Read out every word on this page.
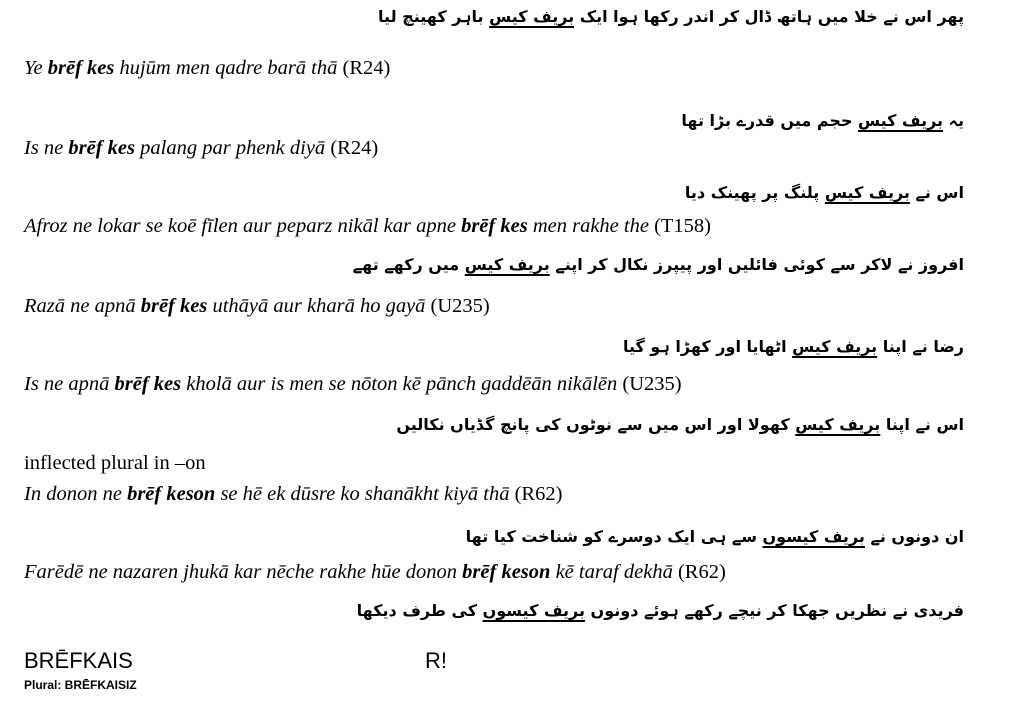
پھر اس نے خلا میں ہاتھ ڈال کر اندر رکھا ہوا ایک بریف کیس باہر کھینچ لیا
Ye brēf kes hujūm men qadre barā thā (R24)
یہ بریف کیس حجم میں قدرے بڑا تھا
Is ne brēf kes palang par phenk diyā (R24)
اس نے بریف کیس پلنگ پر پھینک دیا
Afroz ne lokar se koē fīlen aur peparz nikāl kar apne brēf kes men rakhe the (T158)
افروز نے لاکر سے کوئی فائلیں اور پیپرز نکال کر اپنے بریف کیس میں رکھے تھے
Razā ne apnā brēf kes uthāyā aur kharā ho gayā (U235)
رضا نے اپنا بریف کیس اٹھایا اور کھڑا ہو گیا
Is ne apnā brēf kes kholā aur is men se nōton kē pānch gaddēān nikālēn (U235)
اس نے اپنا بریف کیس کھولا اور اس میں سے نوٹوں کی پانچ گڈیاں نکالیں
inflected plural in –on
In donon ne brēf keson se hē ek dūsre ko shanākht kiyā thā (R62)
ان دونوں نے بریف کیسوں سے ہی ایک دوسرے کو شناخت کیا تھا
Farēdē ne nazaren jhukā kar nēche rakhe hūe donon brēf keson kē taraf dekhā (R62)
فریدی نے نظریں جھکا کر نیچے رکھے ہوئے دونوں بریف کیسوں کی طرف دیکھا
BRĒFKAIS	R!
Plural: BRĒFKAISIZ
